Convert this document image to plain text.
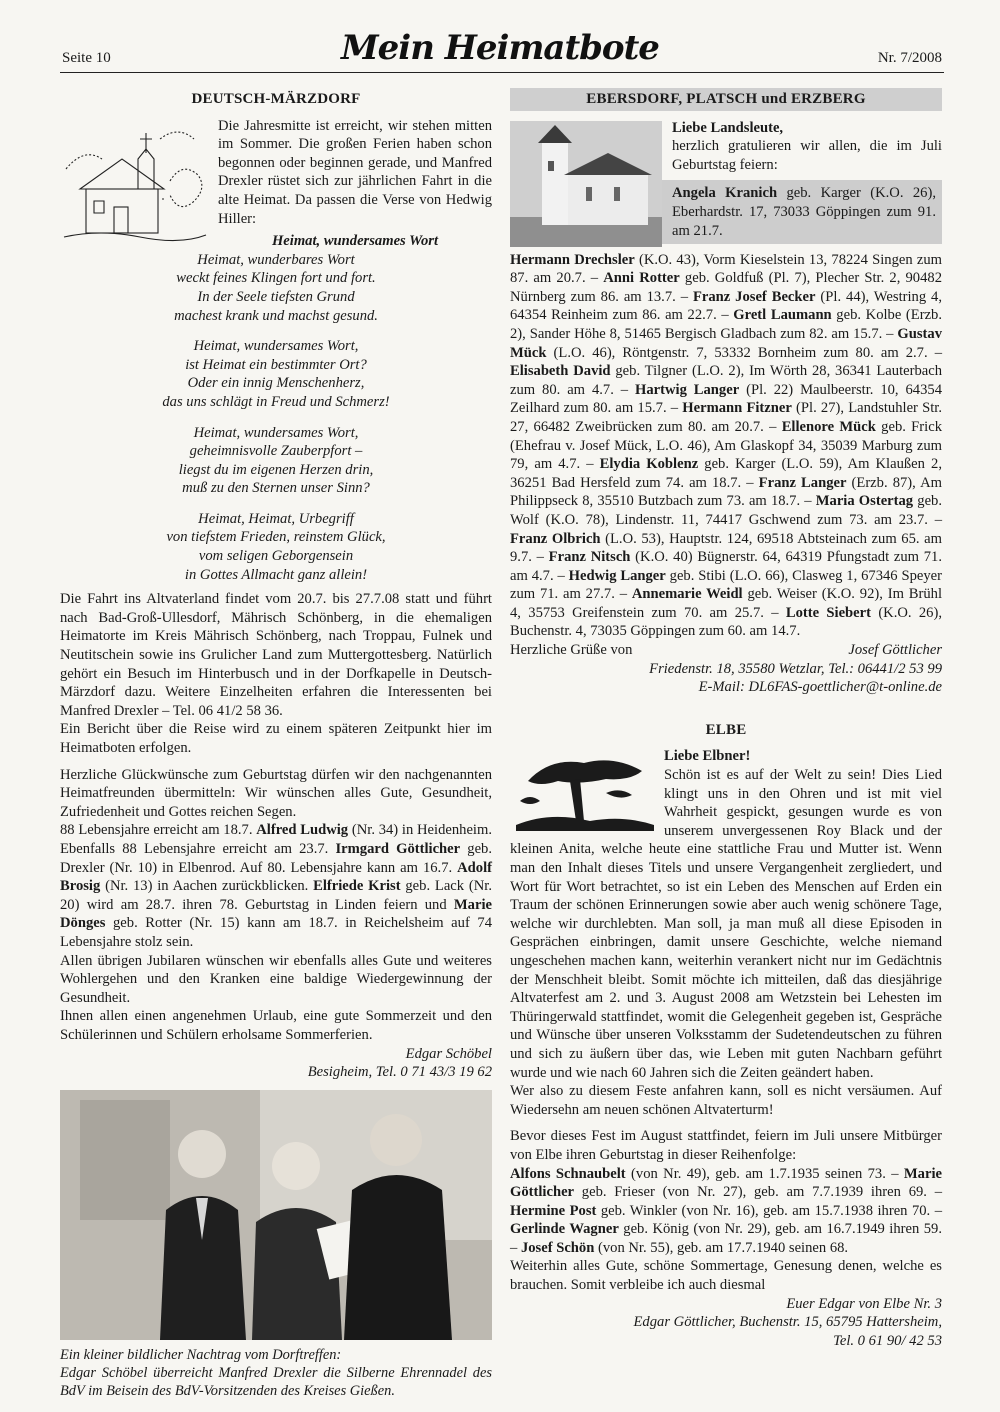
Seite 10	Mein Heimatbote	Nr. 7/2008
DEUTSCH-MÄRZDORF

Die Jahresmitte ist erreicht, wir stehen mitten im Sommer. Die großen Ferien haben schon begonnen oder beginnen gerade, und Manfred Drexler rüstet sich zur jährlichen Fahrt in die alte Heimat. Da passen die Verse von Hedwig Hiller:

Heimat, wundersames Wort
Heimat, wunderbares Wort
weckt feines Klingen fort und fort.
In der Seele tiefsten Grund
machest krank und machst gesund.
Heimat, wundersames Wort,
ist Heimat ein bestimmter Ort?
Oder ein innig Menschenherz,
das uns schlägt in Freud und Schmerz!
Heimat, wundersames Wort,
geheimnisvolle Zauberpfort –
liegst du im eigenen Herzen drin,
muß zu den Sternen unser Sinn?
Heimat, Heimat, Urbegriff
von tiefstem Frieden, reinstem Glück,
vom seligen Geborgensein
in Gottes Allmacht ganz allein!

Die Fahrt ins Altvaterland findet vom 20.7. bis 27.7.08 statt und führt nach Bad-Groß-Ullesdorf, Mährisch Schönberg, in die ehemaligen Heimatorte im Kreis Mährisch Schönberg, nach Troppau, Fulnek und Neutitschein sowie ins Grulicher Land zum Muttergottesberg. Natürlich gehört ein Besuch im Hinterbusch und in der Dorfkapelle in Deutsch-Märzdorf dazu. Weitere Einzelheiten erfahren die Interessenten bei Manfred Drexler – Tel. 06 41/2 58 36.

Ein Bericht über die Reise wird zu einem späteren Zeitpunkt hier im Heimatboten erfolgen.

Herzliche Glückwünsche zum Geburtstag dürfen wir den nachgenannten Heimatfreunden übermitteln: Wir wünschen alles Gute, Gesundheit, Zufriedenheit und Gottes reichen Segen.

88 Lebensjahre erreicht am 18.7. Alfred Ludwig (Nr. 34) in Heidenheim. Ebenfalls 88 Lebensjahre erreicht am 23.7. Irmgard Göttlicher geb. Drexler (Nr. 10) in Elbenrod. Auf 80. Lebensjahre kann am 16.7. Adolf Brosig (Nr. 13) in Aachen zurückblicken. Elfriede Krist geb. Lack (Nr. 20) wird am 28.7. ihren 78. Geburtstag in Linden feiern und Marie Dönges geb. Rotter (Nr. 15) kann am 18.7. in Reichelsheim auf 74 Lebensjahre stolz sein.

Allen übrigen Jubilaren wünschen wir ebenfalls alles Gute und weiteres Wohlergehen und den Kranken eine baldige Wiedergewinnung der Gesundheit.

Ihnen allen einen angenehmen Urlaub, eine gute Sommerzeit und den Schülerinnen und Schülern erholsame Sommerferien.

Edgar Schöbel
Besigheim, Tel. 0 71 43/3 19 62
Ein kleiner bildlicher Nachtrag vom Dorftreffen:
Edgar Schöbel überreicht Manfred Drexler die Silberne Ehrennadel des BdV im Beisein des BdV-Vorsitzenden des Kreises Gießen.
EBERSDORF, PLATSCH und ERZBERG

Liebe Landsleute,

herzlich gratulieren wir allen, die im Juli Geburtstag feiern:

Angela Kranich geb. Karger (K.O. 26), Eberhardstr. 17, 73033 Göppingen zum 91. am 21.7.

Hermann Drechsler (K.O. 43), Vorm Kieselstein 13, 78224 Singen zum 87. am 20.7. – Anni Rotter geb. Goldfuß (Pl. 7), Plecher Str. 2, 90482 Nürnberg zum 86. am 13.7. – Franz Josef Becker (Pl. 44), Westring 4, 64354 Reinheim zum 86. am 22.7. – Gretl Laumann geb. Kolbe (Erzb. 2), Sander Höhe 8, 51465 Bergisch Gladbach zum 82. am 15.7. – Gustav Mück (L.O. 46), Röntgenstr. 7, 53332 Bornheim zum 80. am 2.7. – Elisabeth David geb. Tilgner (L.O. 2), Im Wörth 28, 36341 Lauterbach zum 80. am 4.7. – Hartwig Langer (Pl. 22) Maulbeerstr. 10, 64354 Zeilhard zum 80. am 15.7. – Hermann Fitzner (Pl. 27), Landstuhler Str. 27, 66482 Zweibrücken zum 80. am 20.7. – Ellenore Mück geb. Frick (Ehefrau v. Josef Mück, L.O. 46), Am Glaskopf 34, 35039 Marburg zum 79, am 4.7. – Elydia Koblenz geb. Karger (L.O. 59), Am Klaußen 2, 36251 Bad Hersfeld zum 74. am 18.7. – Franz Langer (Erzb. 87), Am Philippseck 8, 35510 Butzbach zum 73. am 18.7. – Maria Ostertag geb. Wolf (K.O. 78), Lindenstr. 11, 74417 Gschwend zum 73. am 23.7. – Franz Olbrich (L.O. 53), Hauptstr. 124, 69518 Abtsteinach zum 65. am 9.7. – Franz Nitsch (K.O. 40) Bügnerstr. 64, 64319 Pfungstadt zum 71. am 4.7. – Hedwig Langer geb. Stibi (L.O. 66), Clasweg 1, 67346 Speyer zum 71. am 27.7. – Annemarie Weidl geb. Weiser (K.O. 92), Im Brühl 4, 35753 Greifenstein zum 70. am 25.7. – Lotte Siebert (K.O. 26), Buchenstr. 4, 73035 Göppingen zum 60. am 14.7.

Herzliche Grüße von	Josef Göttlicher
Friedenstr. 18, 35580 Wetzlar, Tel.: 06441/2 53 99
E-Mail: DL6FAS-goettlicher@t-online.de
ELBE

Liebe Elbner!

Schön ist es auf der Welt zu sein! Dies Lied klingt uns in den Ohren und ist mit viel Wahrheit gespickt, gesungen wurde es von unserem unvergessenen Roy Black und der kleinen Anita, welche heute eine stattliche Frau und Mutter ist. Wenn man den Inhalt dieses Titels und unsere Vergangenheit zergliedert, und Wort für Wort betrachtet, so ist ein Leben des Menschen auf Erden ein Traum der schönen Erinnerungen sowie aber auch wenig schönere Tage, welche wir durchlebten. Man soll, ja man muß all diese Episoden in Gesprächen einbringen, damit unsere Geschichte, welche niemand ungeschehen machen kann, weiterhin verankert nicht nur im Gedächtnis der Menschheit bleibt. Somit möchte ich mitteilen, daß das diesjährige Altvaterfest am 2. und 3. August 2008 am Wetzstein bei Lehesten im Thüringerwald stattfindet, womit die Gelegenheit gegeben ist, Gespräche und Wünsche über unseren Volksstamm der Sudetendeutschen zu führen und sich zu äußern über das, wie Leben mit guten Nachbarn geführt wurde und wie nach 60 Jahren sich die Zeiten geändert haben.

Wer also zu diesem Feste anfahren kann, soll es nicht versäumen. Auf Wiedersehn am neuen schönen Altvaterturm!

Bevor dieses Fest im August stattfindet, feiern im Juli unsere Mitbürger von Elbe ihren Geburtstag in dieser Reihenfolge:

Alfons Schnaubelt (von Nr. 49), geb. am 1.7.1935 seinen 73. – Marie Göttlicher geb. Frieser (von Nr. 27), geb. am 7.7.1939 ihren 69. – Hermine Post geb. Winkler (von Nr. 16), geb. am 15.7.1938 ihren 70. – Gerlinde Wagner geb. König (von Nr. 29), geb. am 16.7.1949 ihren 59. – Josef Schön (von Nr. 55), geb. am 17.7.1940 seinen 68.

Weiterhin alles Gute, schöne Sommertage, Genesung denen, welche es brauchen. Somit verbleibe ich auch diesmal

Euer Edgar von Elbe Nr. 3
Edgar Göttlicher, Buchenstr. 15, 65795 Hattersheim,
Tel. 0 61 90/ 42 53
